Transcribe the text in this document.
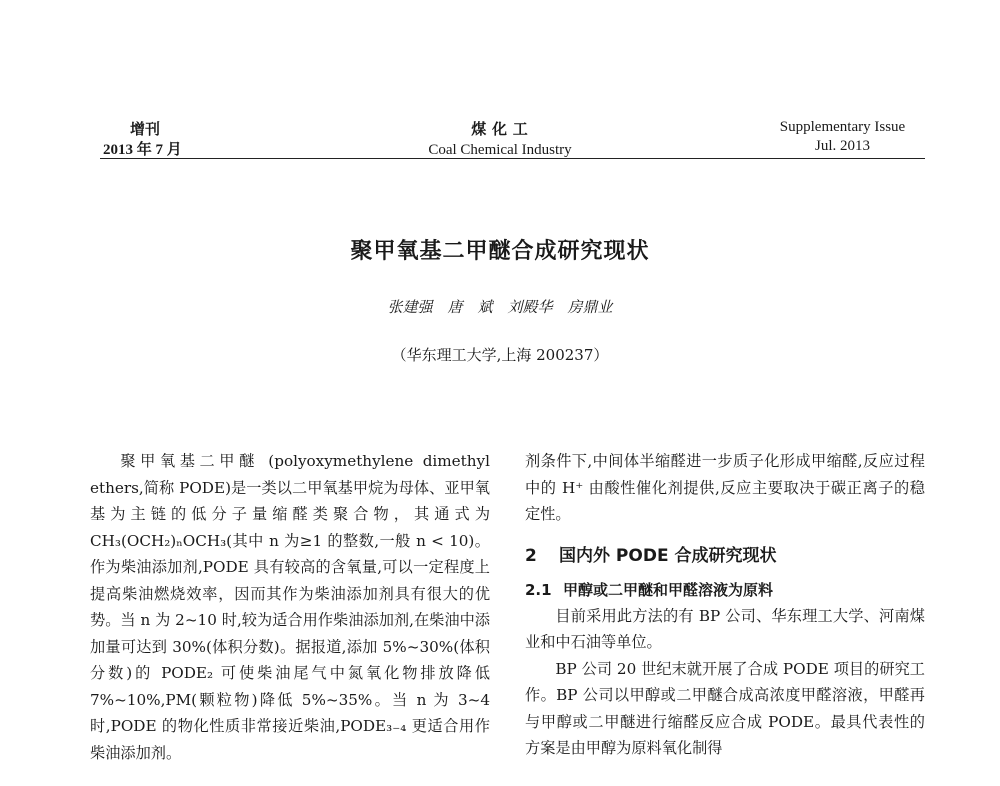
增刊
2013 年 7 月
煤 化 工
Coal Chemical Industry
Supplementary Issue
Jul. 2013
聚甲氧基二甲醚合成研究现状
张建强　唐　斌　刘殿华　房鼎业
（华东理工大学,上海 200237）

聚甲氧基二甲醚 (polyoxymethylene dimethyl ethers,简称 PODE)是一类以二甲氧基甲烷为母体、亚甲氧基为主链的低分子量缩醛类聚合物，其通式为 CH₃(OCH₂)ₙOCH₃(其中 n 为≥1 的整数,一般 n < 10)。作为柴油添加剂,PODE 具有较高的含氧量,可以一定程度上提高柴油燃烧效率，因而其作为柴油添加剂具有很大的优势。当 n 为 2~10 时,较为适合用作柴油添加剂,在柴油中添加量可达到 30%(体积分数)。据报道,添加 5%~30%(体积分数)的 PODE₂ 可使柴油尾气中氮氧化物排放降低 7%~10%,PM(颗粒物)降低 5%~35%。当 n 为 3~4 时,PODE 的物化性质非常接近柴油,PODE₃₋₄ 更适合用作柴油添加剂。

剂条件下,中间体半缩醛进一步质子化形成甲缩醛,反应过程中的 H⁺ 由酸性催化剂提供,反应主要取决于碳正离子的稳定性。

2 国内外 PODE 合成研究现状
2.1 甲醇或二甲醚和甲醛溶液为原料

目前采用此方法的有 BP 公司、华东理工大学、河南煤业和中石油等单位。

BP 公司 20 世纪末就开展了合成 PODE 项目的研究工作。BP 公司以甲醇或二甲醚合成高浓度甲醛溶液，甲醛再与甲醇或二甲醚进行缩醛反应合成 PODE。最具代表性的方案是由甲醇为原料氧化制得
